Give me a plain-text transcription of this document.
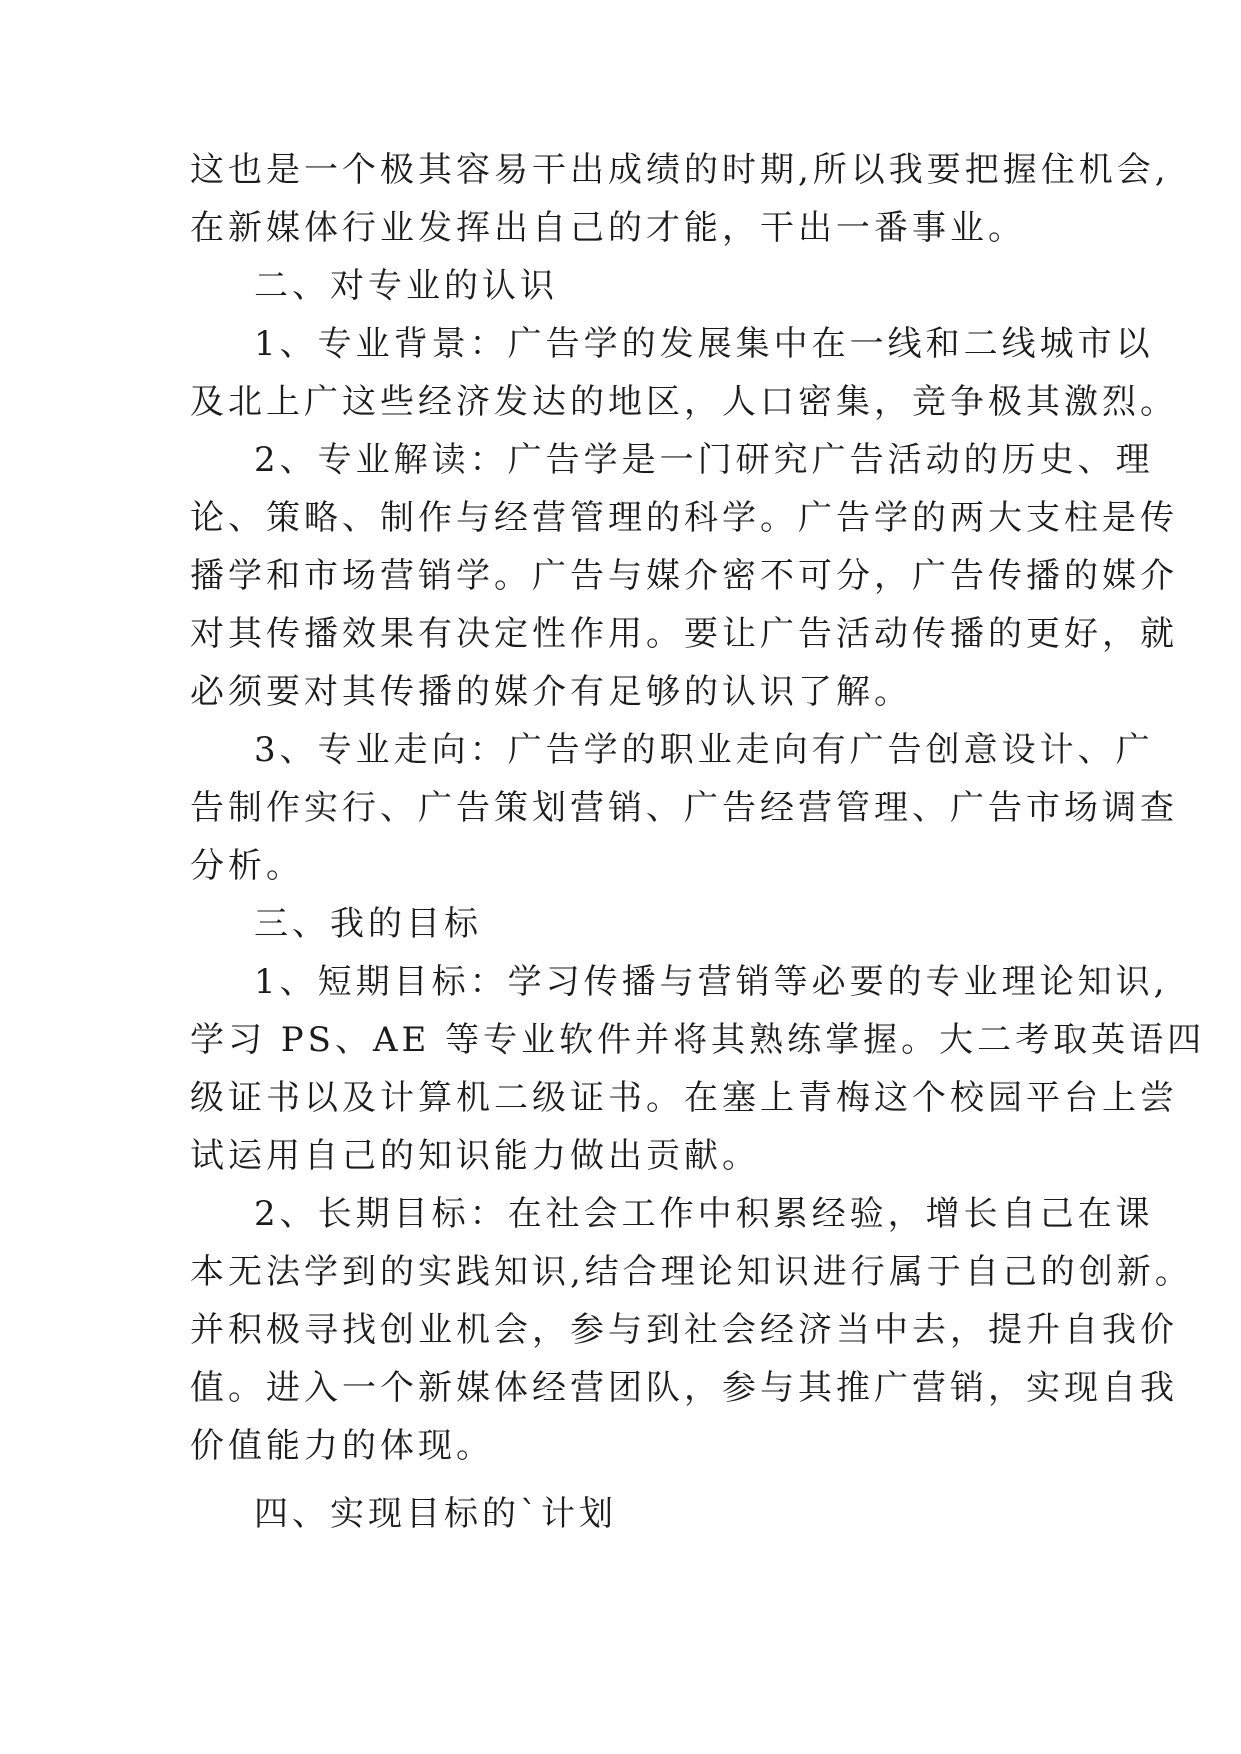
这也是一个极其容易干出成绩的时期,所以我要把握住机会,
在新媒体行业发挥出自己的才能，干出一番事业。
二、对专业的认识
1、专业背景：广告学的发展集中在一线和二线城市以
及北上广这些经济发达的地区，人口密集，竞争极其激烈。
2、专业解读：广告学是一门研究广告活动的历史、理
论、策略、制作与经营管理的科学。广告学的两大支柱是传
播学和市场营销学。广告与媒介密不可分，广告传播的媒介
对其传播效果有决定性作用。要让广告活动传播的更好，就
必须要对其传播的媒介有足够的认识了解。
3、专业走向：广告学的职业走向有广告创意设计、广
告制作实行、广告策划营销、广告经营管理、广告市场调查
分析。
三、我的目标
1、短期目标：学习传播与营销等必要的专业理论知识,
学习 PS、AE 等专业软件并将其熟练掌握。大二考取英语四
级证书以及计算机二级证书。在塞上青梅这个校园平台上尝
试运用自己的知识能力做出贡献。
2、长期目标：在社会工作中积累经验，增长自己在课
本无法学到的实践知识,结合理论知识进行属于自己的创新。
并积极寻找创业机会，参与到社会经济当中去，提升自我价
值。进入一个新媒体经营团队，参与其推广营销，实现自我
价值能力的体现。
四、实现目标的`计划
